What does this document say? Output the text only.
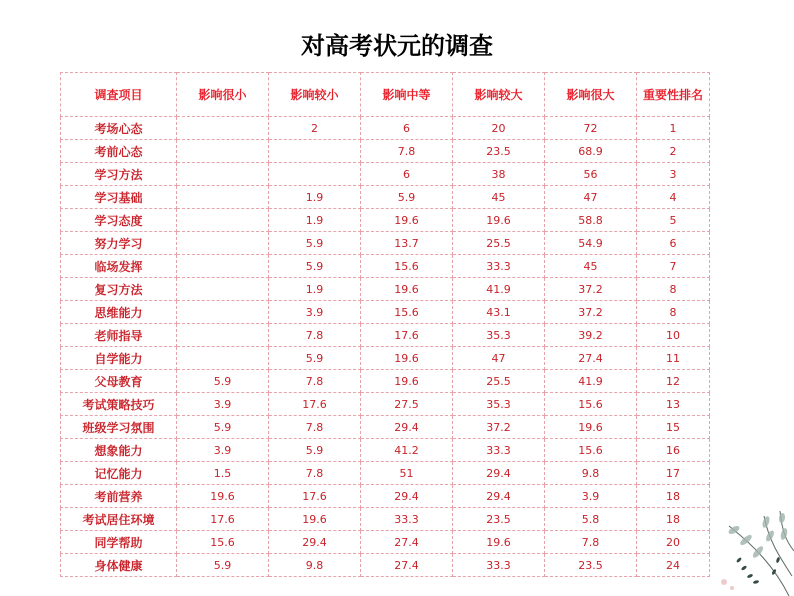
对高考状元的调查
调查项目	影响很小	影响较小	影响中等	影响较大	影响很大	重要性排名
考场心态		2	6	20	72	1
考前心态			7.8	23.5	68.9	2
学习方法			6	38	56	3
学习基础		1.9	5.9	45	47	4
学习态度		1.9	19.6	19.6	58.8	5
努力学习		5.9	13.7	25.5	54.9	6
临场发挥		5.9	15.6	33.3	45	7
复习方法		1.9	19.6	41.9	37.2	8
思维能力		3.9	15.6	43.1	37.2	8
老师指导		7.8	17.6	35.3	39.2	10
自学能力		5.9	19.6	47	27.4	11
父母教育	5.9	7.8	19.6	25.5	41.9	12
考试策略技巧	3.9	17.6	27.5	35.3	15.6	13
班级学习氛围	5.9	7.8	29.4	37.2	19.6	15
想象能力	3.9	5.9	41.2	33.3	15.6	16
记忆能力	1.5	7.8	51	29.4	9.8	17
考前营养	19.6	17.6	29.4	29.4	3.9	18
考试居住环境	17.6	19.6	33.3	23.5	5.8	18
同学帮助	15.6	29.4	27.4	19.6	7.8	20
身体健康	5.9	9.8	27.4	33.3	23.5	24
